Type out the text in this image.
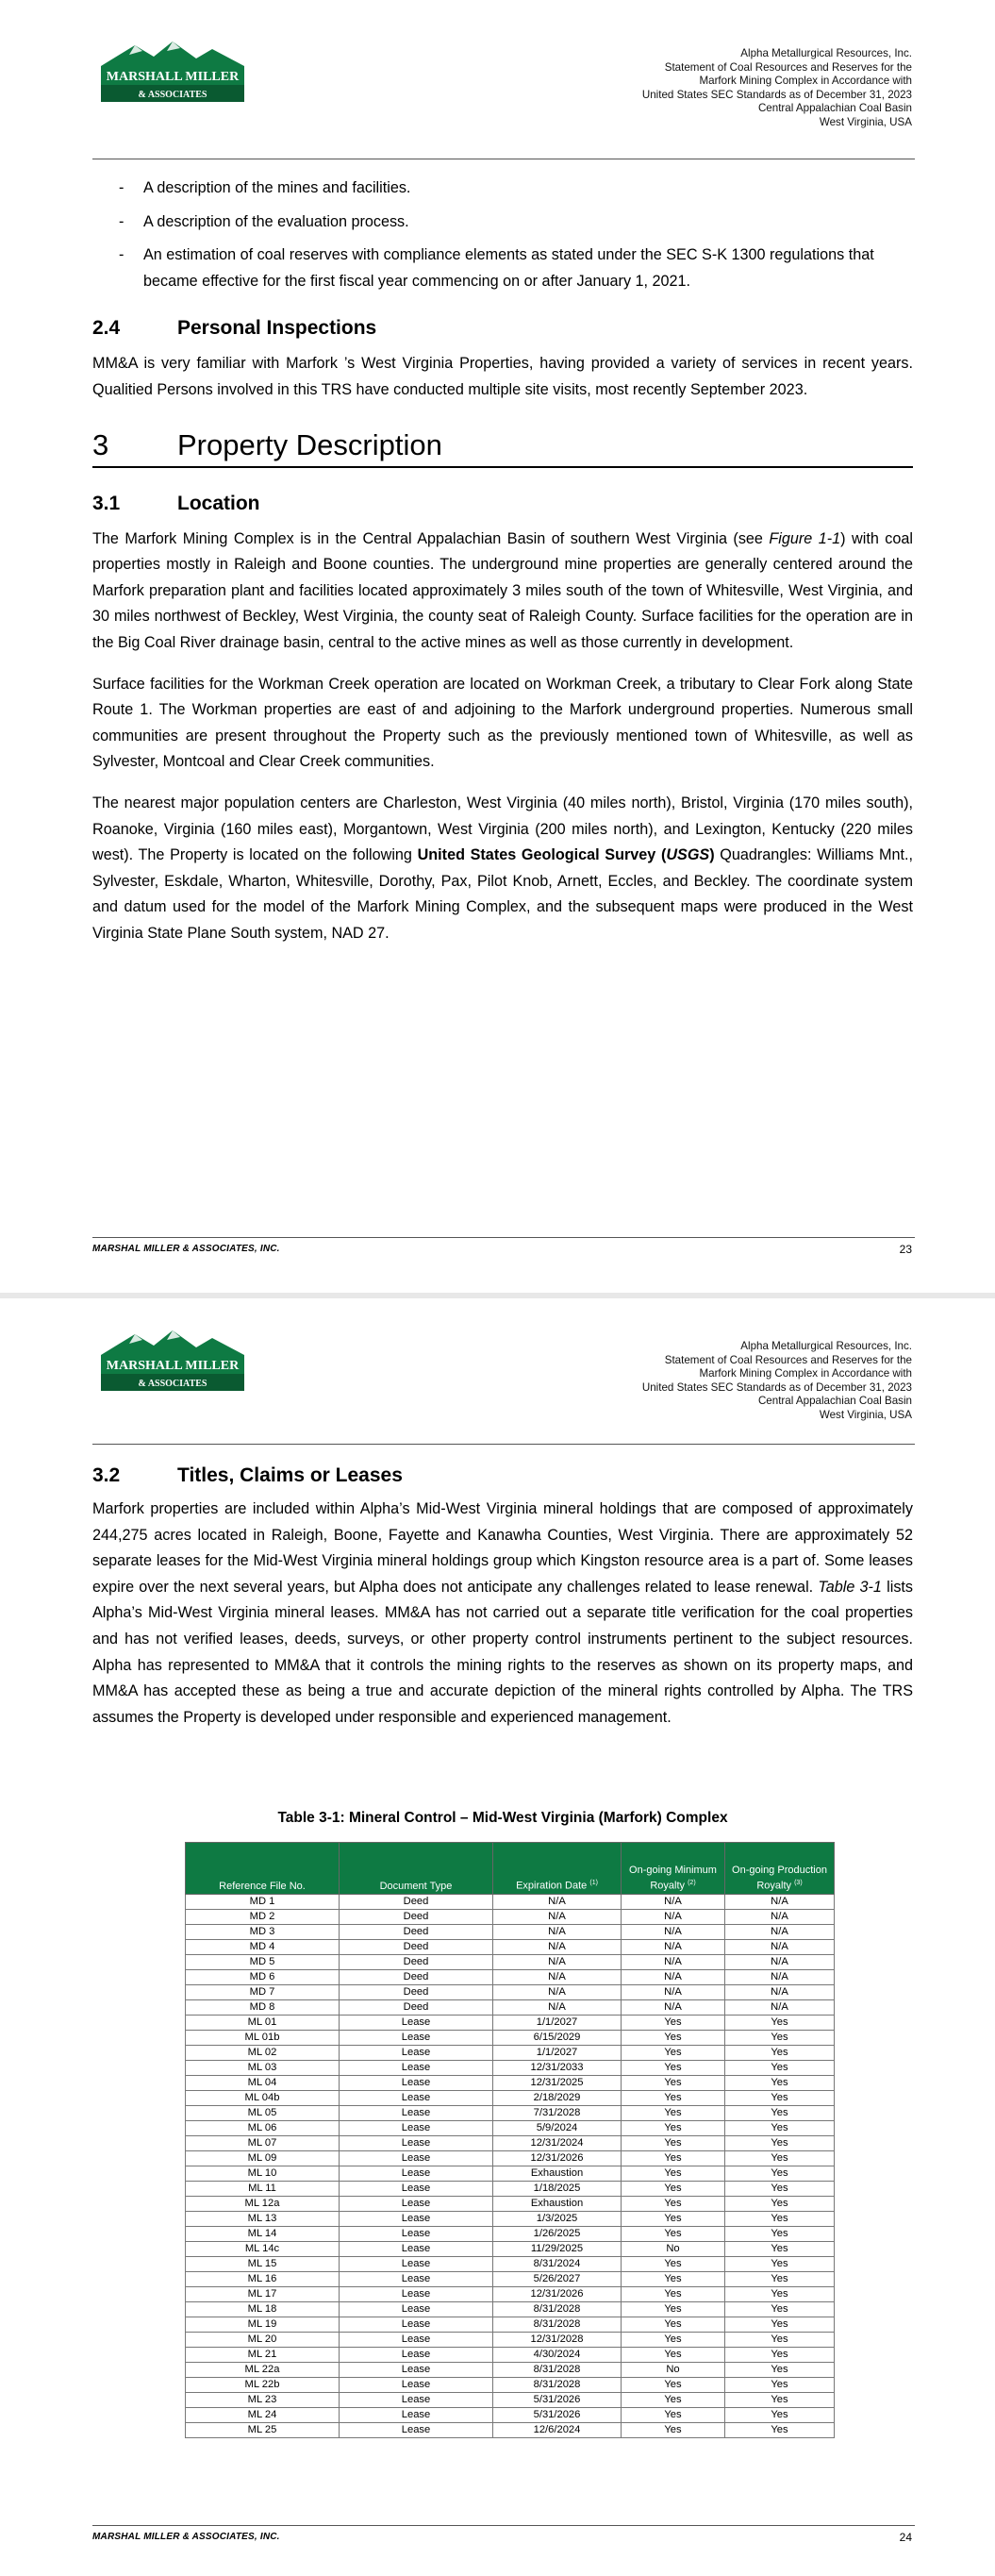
MARSHALL MILLER
& ASSOCIATES
Alpha Metallurgical Resources, Inc.
Statement of Coal Resources and Reserves for the
Marfork Mining Complex in Accordance with
United States SEC Standards as of December 31, 2023
Central Appalachian Coal Basin
West Virginia, USA
-	A description of the mines and facilities.
-	A description of the evaluation process.
-	An estimation of coal reserves with compliance elements as stated under the SEC S-K 1300 regulations that became effective for the first fiscal year commencing on or after January 1, 2021.
2.4	Personal Inspections

MM&A is very familiar with Marfork ’s West Virginia Properties, having provided a variety of services in recent years. Qualitied Persons involved in this TRS have conducted multiple site visits, most recently September 2023.

3	Property Description
3.1	Location

The Marfork Mining Complex is in the Central Appalachian Basin of southern West Virginia (see Figure 1-1) with coal properties mostly in Raleigh and Boone counties. The underground mine properties are generally centered around the Marfork preparation plant and facilities located approximately 3 miles south of the town of Whitesville, West Virginia, and 30 miles northwest of Beckley, West Virginia, the county seat of Raleigh County. Surface facilities for the operation are in the Big Coal River drainage basin, central to the active mines as well as those currently in development.

Surface facilities for the Workman Creek operation are located on Workman Creek, a tributary to Clear Fork along State Route 1. The Workman properties are east of and adjoining to the Marfork underground properties. Numerous small communities are present throughout the Property such as the previously mentioned town of Whitesville, as well as Sylvester, Montcoal and Clear Creek communities.

The nearest major population centers are Charleston, West Virginia (40 miles north), Bristol, Virginia (170 miles south), Roanoke, Virginia (160 miles east), Morgantown, West Virginia (200 miles north), and Lexington, Kentucky (220 miles west). The Property is located on the following United States Geological Survey (USGS) Quadrangles: Williams Mnt., Sylvester, Eskdale, Wharton, Whitesville, Dorothy, Pax, Pilot Knob, Arnett, Eccles, and Beckley. The coordinate system and datum used for the model of the Marfork Mining Complex, and the subsequent maps were produced in the West Virginia State Plane South system, NAD 27.

MARSHAL MILLER & ASSOCIATES, INC.	23
MARSHALL MILLER
& ASSOCIATES
Alpha Metallurgical Resources, Inc.
Statement of Coal Resources and Reserves for the
Marfork Mining Complex in Accordance with
United States SEC Standards as of December 31, 2023
Central Appalachian Coal Basin
West Virginia, USA
3.2	Titles, Claims or Leases

Marfork properties are included within Alpha’s Mid-West Virginia mineral holdings that are composed of approximately 244,275 acres located in Raleigh, Boone, Fayette and Kanawha Counties, West Virginia. There are approximately 52 separate leases for the Mid-West Virginia mineral holdings group which Kingston resource area is a part of. Some leases expire over the next several years, but Alpha does not anticipate any challenges related to lease renewal. Table 3-1 lists Alpha’s Mid-West Virginia mineral leases. MM&A has not carried out a separate title verification for the coal properties and has not verified leases, deeds, surveys, or other property control instruments pertinent to the subject resources. Alpha has represented to MM&A that it controls the mining rights to the reserves as shown on its property maps, and MM&A has accepted these as being a true and accurate depiction of the mineral rights controlled by Alpha. The TRS assumes the Property is developed under responsible and experienced management.

Table 3-1: Mineral Control – Mid-West Virginia (Marfork) Complex
Reference File No.	Document Type	Expiration Date $^{(1)}$	On-going Minimum Royalty $^{(2)}$	On-going Production Royalty $^{(3)}$
MD 1	Deed	N/A	N/A	N/A
MD 2	Deed	N/A	N/A	N/A
MD 3	Deed	N/A	N/A	N/A
MD 4	Deed	N/A	N/A	N/A
MD 5	Deed	N/A	N/A	N/A
MD 6	Deed	N/A	N/A	N/A
MD 7	Deed	N/A	N/A	N/A
MD 8	Deed	N/A	N/A	N/A
ML 01	Lease	1/1/2027	Yes	Yes
ML 01b	Lease	6/15/2029	Yes	Yes
ML 02	Lease	1/1/2027	Yes	Yes
ML 03	Lease	12/31/2033	Yes	Yes
ML 04	Lease	12/31/2025	Yes	Yes
ML 04b	Lease	2/18/2029	Yes	Yes
ML 05	Lease	7/31/2028	Yes	Yes
ML 06	Lease	5/9/2024	Yes	Yes
ML 07	Lease	12/31/2024	Yes	Yes
ML 09	Lease	12/31/2026	Yes	Yes
ML 10	Lease	Exhaustion	Yes	Yes
ML 11	Lease	1/18/2025	Yes	Yes
ML 12a	Lease	Exhaustion	Yes	Yes
ML 13	Lease	1/3/2025	Yes	Yes
ML 14	Lease	1/26/2025	Yes	Yes
ML 14c	Lease	11/29/2025	No	Yes
ML 15	Lease	8/31/2024	Yes	Yes
ML 16	Lease	5/26/2027	Yes	Yes
ML 17	Lease	12/31/2026	Yes	Yes
ML 18	Lease	8/31/2028	Yes	Yes
ML 19	Lease	8/31/2028	Yes	Yes
ML 20	Lease	12/31/2028	Yes	Yes
ML 21	Lease	4/30/2024	Yes	Yes
ML 22a	Lease	8/31/2028	No	Yes
ML 22b	Lease	8/31/2028	Yes	Yes
ML 23	Lease	5/31/2026	Yes	Yes
ML 24	Lease	5/31/2026	Yes	Yes
ML 25	Lease	12/6/2024	Yes	Yes
MARSHAL MILLER & ASSOCIATES, INC.	24
